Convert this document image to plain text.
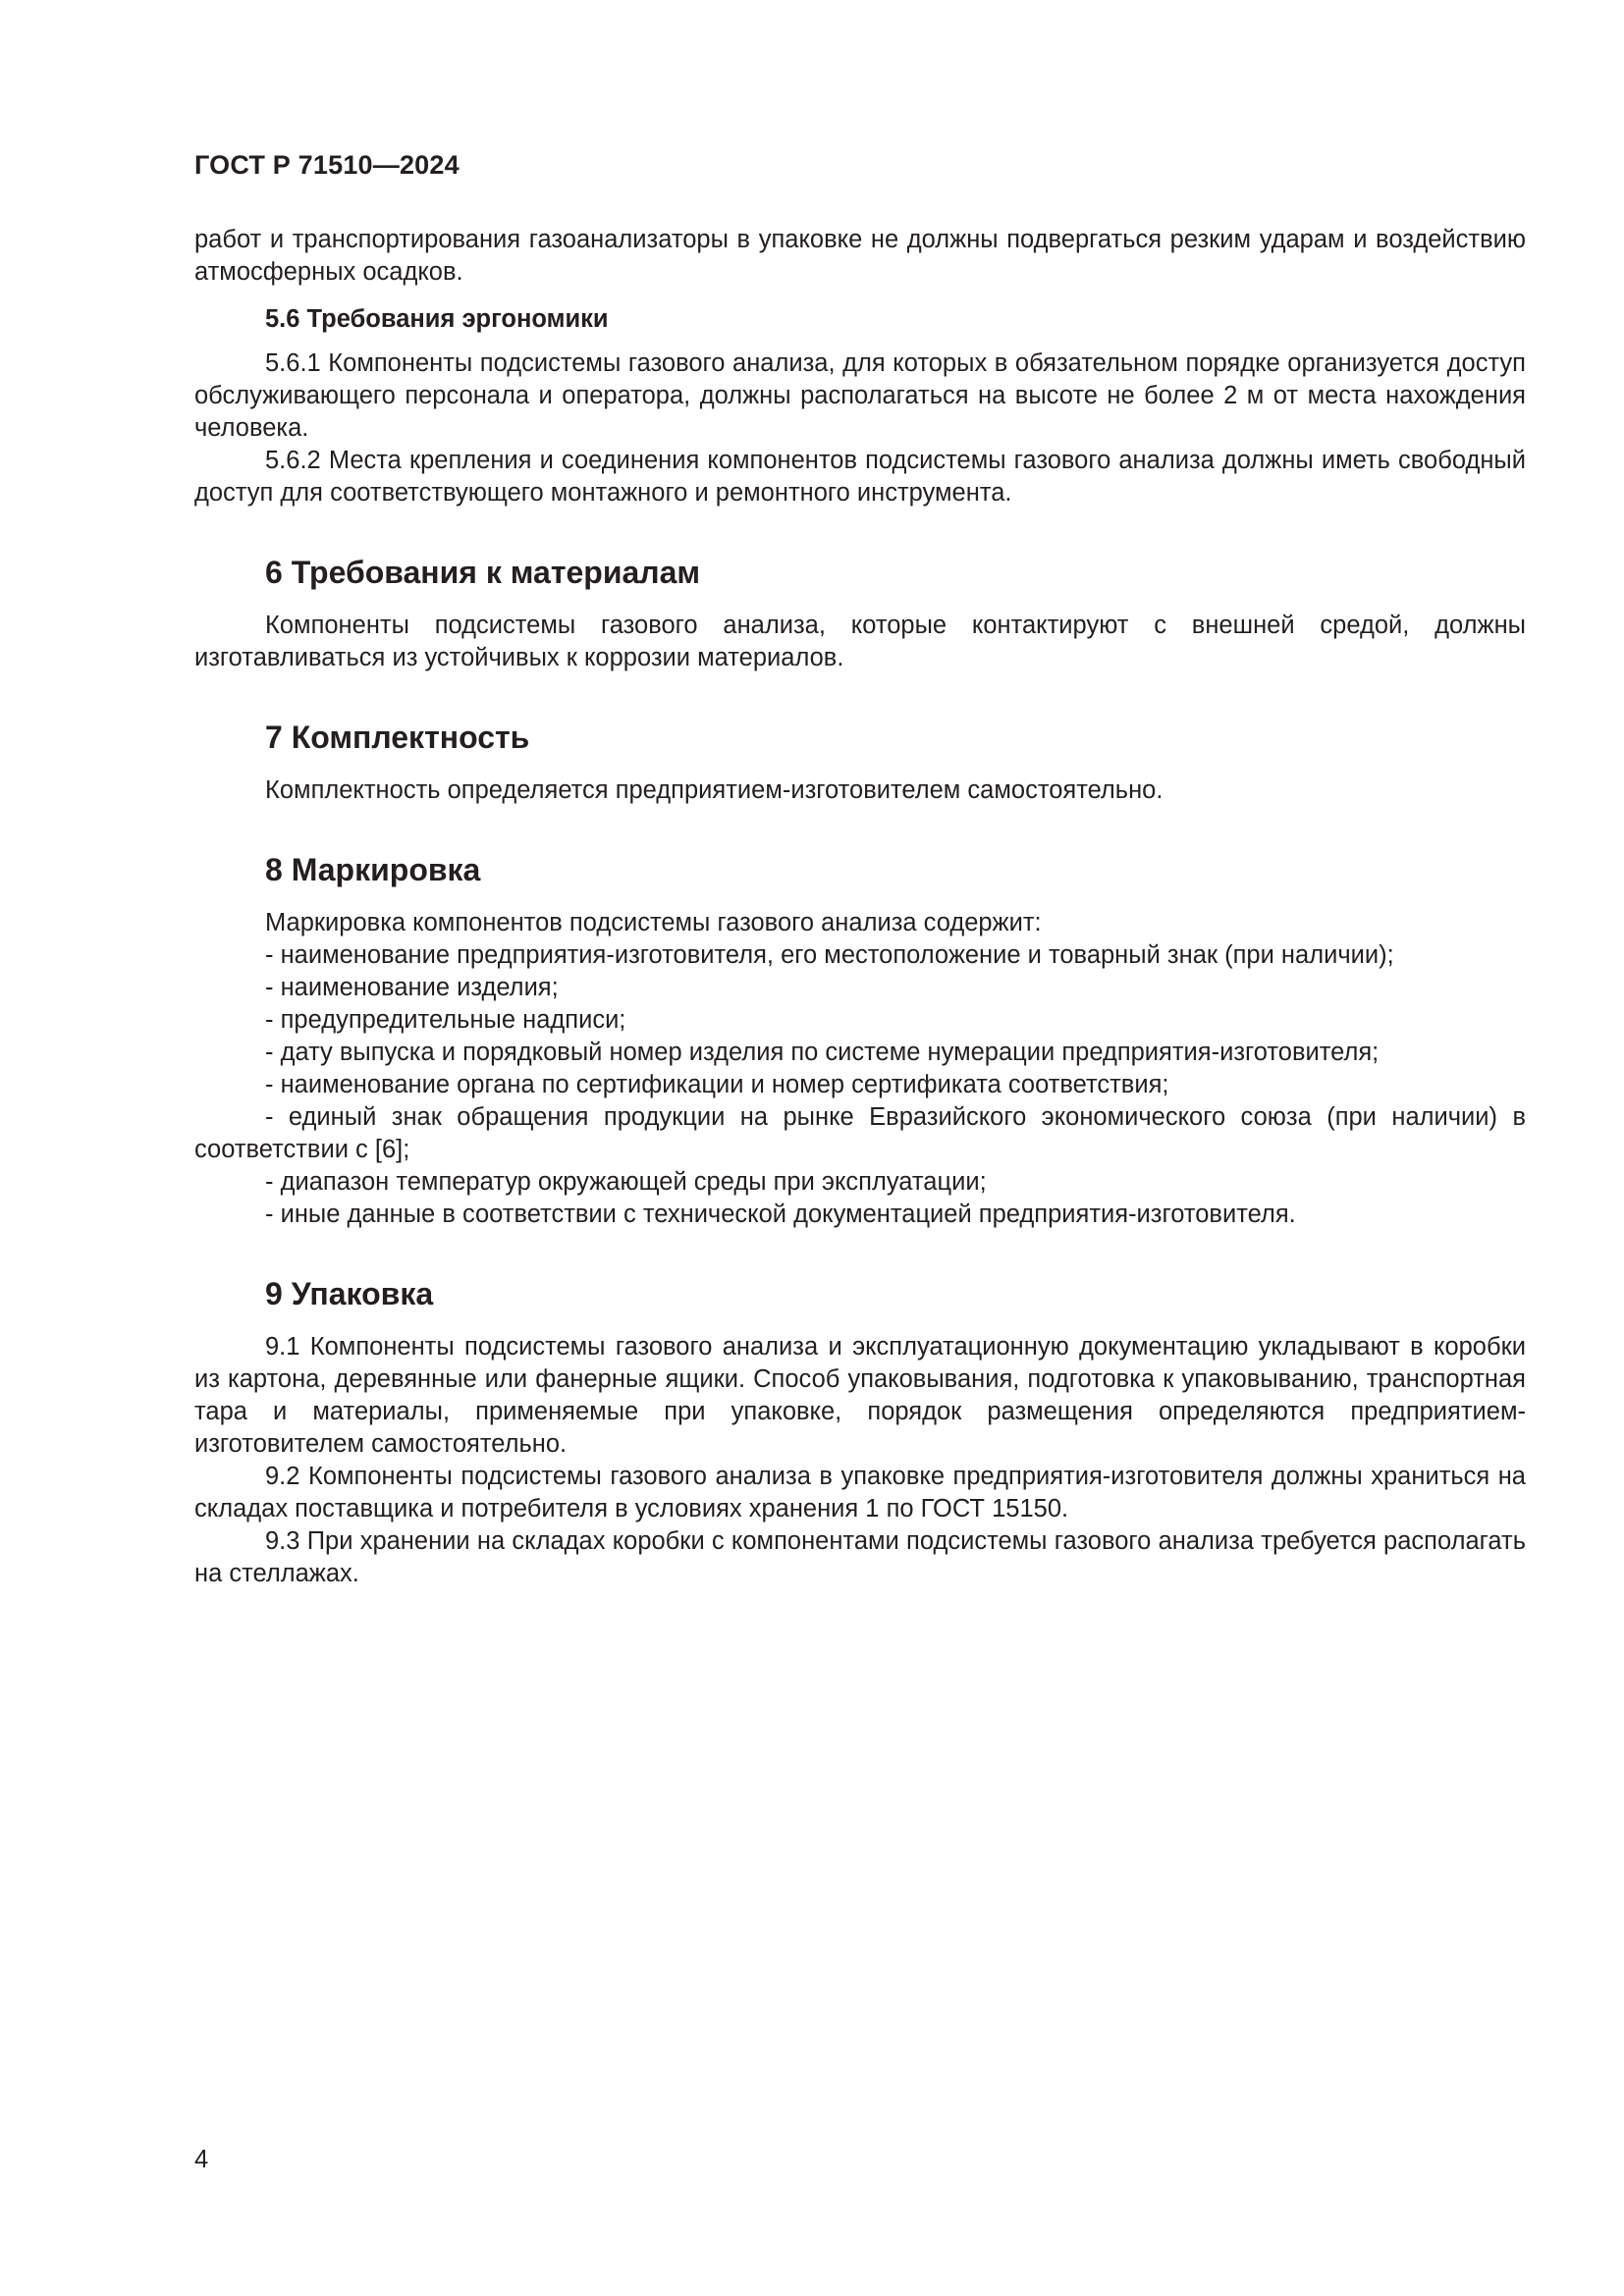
ГОСТ Р 71510—2024

работ и транспортирования газоанализаторы в упаковке не должны подвергаться резким ударам и воздействию атмосферных осадков.

5.6 Требования эргономики

5.6.1 Компоненты подсистемы газового анализа, для которых в обязательном порядке организуется доступ обслуживающего персонала и оператора, должны располагаться на высоте не более 2 м от места нахождения человека.

5.6.2 Места крепления и соединения компонентов подсистемы газового анализа должны иметь свободный доступ для соответствующего монтажного и ремонтного инструмента.

6 Требования к материалам

Компоненты подсистемы газового анализа, которые контактируют с внешней средой, должны изготавливаться из устойчивых к коррозии материалов.

7 Комплектность

Комплектность определяется предприятием-изготовителем самостоятельно.

8 Маркировка

Маркировка компонентов подсистемы газового анализа содержит:

- наименование предприятия-изготовителя, его местоположение и товарный знак (при наличии);
- наименование изделия;
- предупредительные надписи;
- дату выпуска и порядковый номер изделия по системе нумерации предприятия-изготовителя;
- наименование органа по сертификации и номер сертификата соответствия;
- единый знак обращения продукции на рынке Евразийского экономического союза (при наличии) в соответствии с [6];
- диапазон температур окружающей среды при эксплуатации;
- иные данные в соответствии с технической документацией предприятия-изготовителя.

9 Упаковка

9.1 Компоненты подсистемы газового анализа и эксплуатационную документацию укладывают в коробки из картона, деревянные или фанерные ящики. Способ упаковывания, подготовка к упаковыванию, транспортная тара и материалы, применяемые при упаковке, порядок размещения определяются предприятием-изготовителем самостоятельно.

9.2 Компоненты подсистемы газового анализа в упаковке предприятия-изготовителя должны храниться на складах поставщика и потребителя в условиях хранения 1 по ГОСТ 15150.

9.3 При хранении на складах коробки с компонентами подсистемы газового анализа требуется располагать на стеллажах.

4
